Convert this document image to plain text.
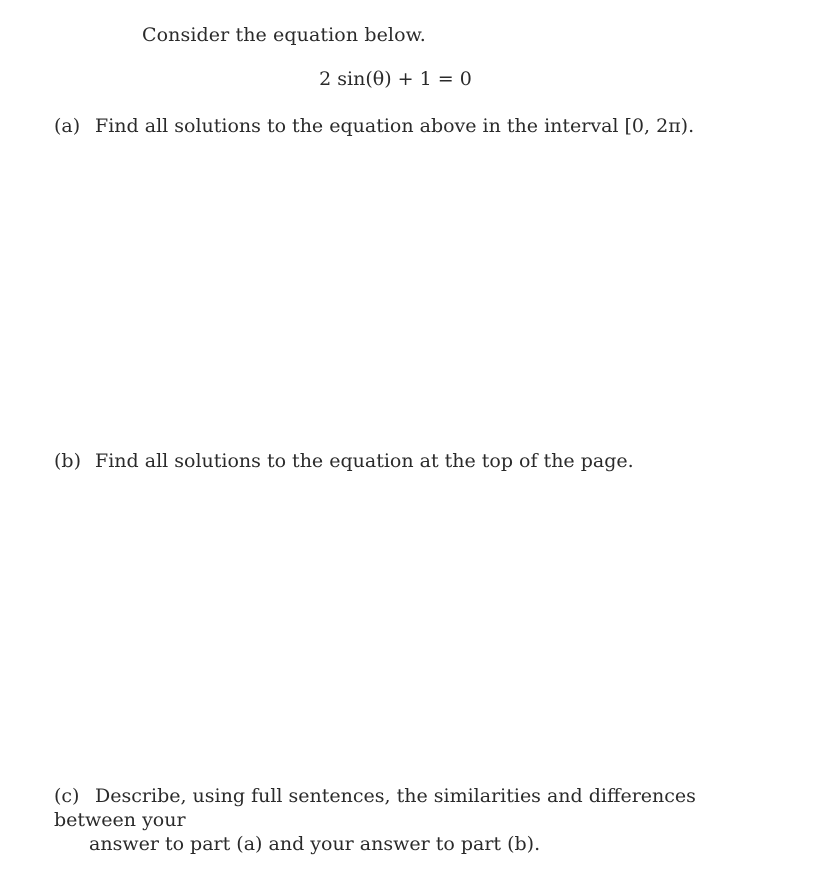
Consider the equation below.
2 sin(θ) + 1 = 0
(a) Find all solutions to the equation above in the interval [0, 2π).
(b) Find all solutions to the equation at the top of the page.
(c) Describe, using full sentences, the similarities and differences between your
answer to part (a) and your answer to part (b).
